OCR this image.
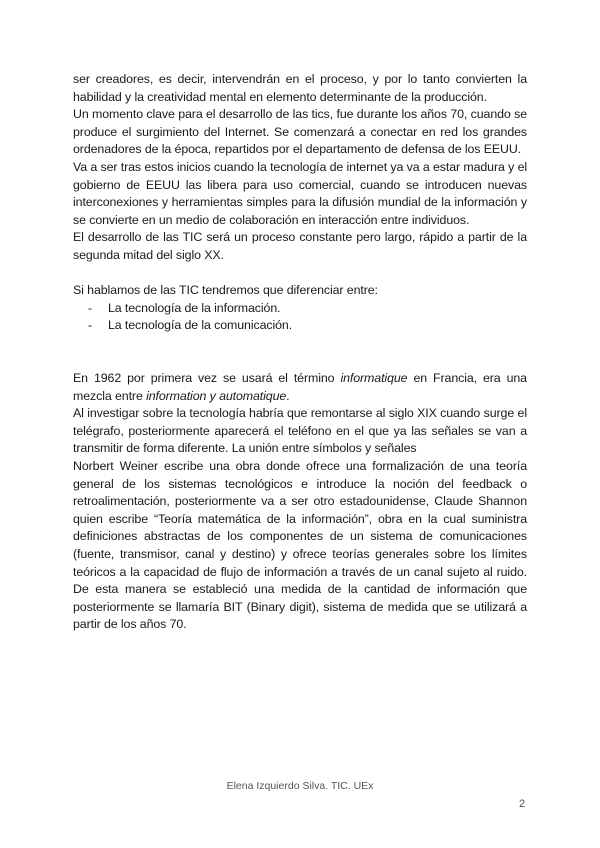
ser creadores, es decir, intervendrán en el proceso, y por lo tanto convierten la habilidad y la creatividad mental en elemento determinante de la producción.

Un momento clave para el desarrollo de las tics, fue durante los años 70, cuando se produce el surgimiento del Internet. Se comenzará a conectar en red los grandes ordenadores de la época, repartidos por el departamento de defensa de los EEUU.

Va a ser tras estos inicios cuando la tecnología de internet ya va a estar madura y el gobierno de EEUU las libera para uso comercial, cuando se introducen nuevas interconexiones y herramientas simples para la difusión mundial de la información y se convierte en un medio de colaboración en interacción entre individuos.

El desarrollo de las TIC será un proceso constante pero largo, rápido a partir de la segunda mitad del siglo XX.

Si hablamos de las TIC tendremos que diferenciar entre:

- La tecnología de la información.
- La tecnología de la comunicación.

En 1962 por primera vez se usará el término informatique en Francia, era una mezcla entre information y automatique.

Al investigar sobre la tecnología habría que remontarse al siglo XIX cuando surge el telégrafo, posteriormente aparecerá el teléfono en el que ya las señales se van a transmitir de forma diferente. La unión entre símbolos y señales

Norbert Weiner escribe una obra donde ofrece una formalización de una teoría general de los sistemas tecnológicos e introduce la noción del feedback o retroalimentación, posteriormente va a ser otro estadounidense, Claude Shannon quien escribe “Teoría matemática de la información”, obra en la cual suministra definiciones abstractas de los componentes de un sistema de comunicaciones (fuente, transmisor, canal y destino) y ofrece teorías generales sobre los límites teóricos a la capacidad de flujo de información a través de un canal sujeto al ruido. De esta manera se estableció una medida de la cantidad de información que posteriormente se llamaría BIT (Binary digit), sistema de medida que se utilizará a partir de los años 70.

Elena Izquierdo Silva. TIC. UEx
2
